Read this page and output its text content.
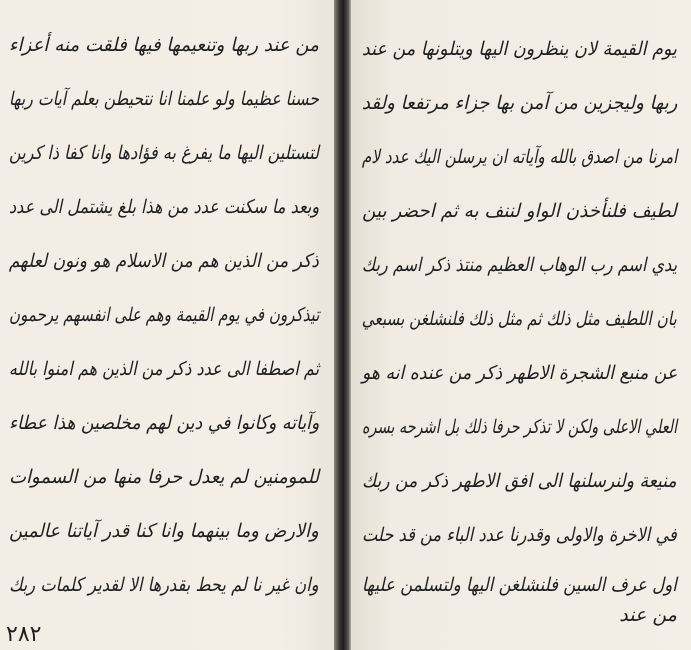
من عند ربها وتنعيمها فيها فلقت منه أعزاء
حسنا عظيما ولو علمنا انا نتحيطن بعلم آيات ربها
لتستلين اليها ما يفرغ به فؤادها وانا كفا ذا كرين
وبعد ما سكنت عدد من هذا بلغ يشتمل الى عدد
ذكر من الذين هم من الاسلام هو ونون لعلهم
تيذكرون في يوم القيمة وهم على انفسهم يرحمون
ثم اصطفا الى عدد ذكر من الذين هم امنوا بالله
وآياته وكانوا في دين لهم مخلصين هذا عطاء
للمومنين لم يعدل حرفا منها من السموات
والارض وما بينهما وانا كنا قدر آياتنا عالمين
وان غير نا لم يحط بقدرها الا لقدير كلمات ربك
يوم القيمة لان ينظرون اليها ويتلونها من عند
ربها وليجزين من آمن بها جزاء مرتفعا ولقد
امرنا من اصدق بالله وآياته ان يرسلن اليك عدد لام
لطيف فلنأخذن الواو لننف به ثم احضر بين
يدي اسم رب الوهاب العظيم منتذ ذكر اسم ربك
بان اللطيف مثل ذلك ثم مثل ذلك فلنشلغن بسبعي
عن منبع الشجرة الاطهر ذكر من عنده انه هو
العلي الاعلى ولكن لا تذكر حرفا ذلك بل اشرحه بسره
منيعة ولنرسلنها الى افق الاطهر ذكر من ربك
في الاخرة والاولى وقدرنا عدد الباء من قد حلت
اول عرف السين فلنشلغن اليها ولتسلمن عليها
من عند
٢٨٢
